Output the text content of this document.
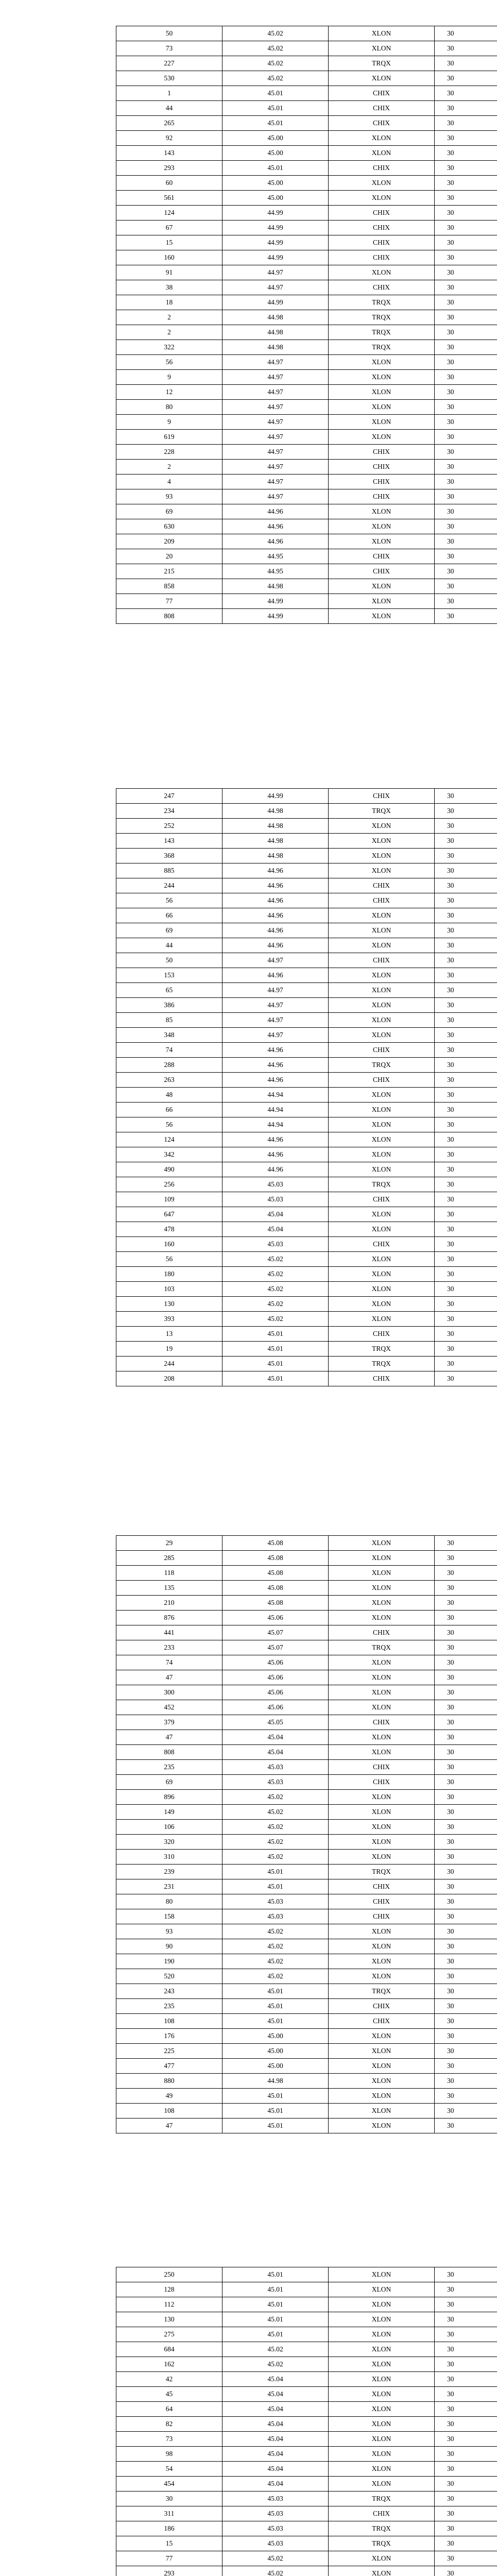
50	45.02	XLON	30
73	45.02	XLON	30
227	45.02	TRQX	30
530	45.02	XLON	30
1	45.01	CHIX	30
44	45.01	CHIX	30
265	45.01	CHIX	30
92	45.00	XLON	30
143	45.00	XLON	30
293	45.01	CHIX	30
60	45.00	XLON	30
561	45.00	XLON	30
124	44.99	CHIX	30
67	44.99	CHIX	30
15	44.99	CHIX	30
160	44.99	CHIX	30
91	44.97	XLON	30
38	44.97	CHIX	30
18	44.99	TRQX	30
2	44.98	TRQX	30
2	44.98	TRQX	30
322	44.98	TRQX	30
56	44.97	XLON	30
9	44.97	XLON	30
12	44.97	XLON	30
80	44.97	XLON	30
9	44.97	XLON	30
619	44.97	XLON	30
228	44.97	CHIX	30
2	44.97	CHIX	30
4	44.97	CHIX	30
93	44.97	CHIX	30
69	44.96	XLON	30
630	44.96	XLON	30
209	44.96	XLON	30
20	44.95	CHIX	30
215	44.95	CHIX	30
858	44.98	XLON	30
77	44.99	XLON	30
808	44.99	XLON	30
247	44.99	CHIX	30
234	44.98	TRQX	30
252	44.98	XLON	30
143	44.98	XLON	30
368	44.98	XLON	30
885	44.96	XLON	30
244	44.96	CHIX	30
56	44.96	CHIX	30
66	44.96	XLON	30
69	44.96	XLON	30
44	44.96	XLON	30
50	44.97	CHIX	30
153	44.96	XLON	30
65	44.97	XLON	30
386	44.97	XLON	30
85	44.97	XLON	30
348	44.97	XLON	30
74	44.96	CHIX	30
288	44.96	TRQX	30
263	44.96	CHIX	30
48	44.94	XLON	30
66	44.94	XLON	30
56	44.94	XLON	30
124	44.96	XLON	30
342	44.96	XLON	30
490	44.96	XLON	30
256	45.03	TRQX	30
109	45.03	CHIX	30
647	45.04	XLON	30
478	45.04	XLON	30
160	45.03	CHIX	30
56	45.02	XLON	30
180	45.02	XLON	30
103	45.02	XLON	30
130	45.02	XLON	30
393	45.02	XLON	30
13	45.01	CHIX	30
19	45.01	TRQX	30
244	45.01	TRQX	30
208	45.01	CHIX	30
29	45.08	XLON	30
285	45.08	XLON	30
118	45.08	XLON	30
135	45.08	XLON	30
210	45.08	XLON	30
876	45.06	XLON	30
441	45.07	CHIX	30
233	45.07	TRQX	30
74	45.06	XLON	30
47	45.06	XLON	30
300	45.06	XLON	30
452	45.06	XLON	30
379	45.05	CHIX	30
47	45.04	XLON	30
808	45.04	XLON	30
235	45.03	CHIX	30
69	45.03	CHIX	30
896	45.02	XLON	30
149	45.02	XLON	30
106	45.02	XLON	30
320	45.02	XLON	30
310	45.02	XLON	30
239	45.01	TRQX	30
231	45.01	CHIX	30
80	45.03	CHIX	30
158	45.03	CHIX	30
93	45.02	XLON	30
90	45.02	XLON	30
190	45.02	XLON	30
520	45.02	XLON	30
243	45.01	TRQX	30
235	45.01	CHIX	30
108	45.01	CHIX	30
176	45.00	XLON	30
225	45.00	XLON	30
477	45.00	XLON	30
880	44.98	XLON	30
49	45.01	XLON	30
108	45.01	XLON	30
47	45.01	XLON	30
250	45.01	XLON	30
128	45.01	XLON	30
112	45.01	XLON	30
130	45.01	XLON	30
275	45.01	XLON	30
684	45.02	XLON	30
162	45.02	XLON	30
42	45.04	XLON	30
45	45.04	XLON	30
64	45.04	XLON	30
82	45.04	XLON	30
73	45.04	XLON	30
98	45.04	XLON	30
54	45.04	XLON	30
454	45.04	XLON	30
30	45.03	TRQX	30
311	45.03	CHIX	30
186	45.03	TRQX	30
15	45.03	TRQX	30
77	45.02	XLON	30
293	45.02	XLON	30
